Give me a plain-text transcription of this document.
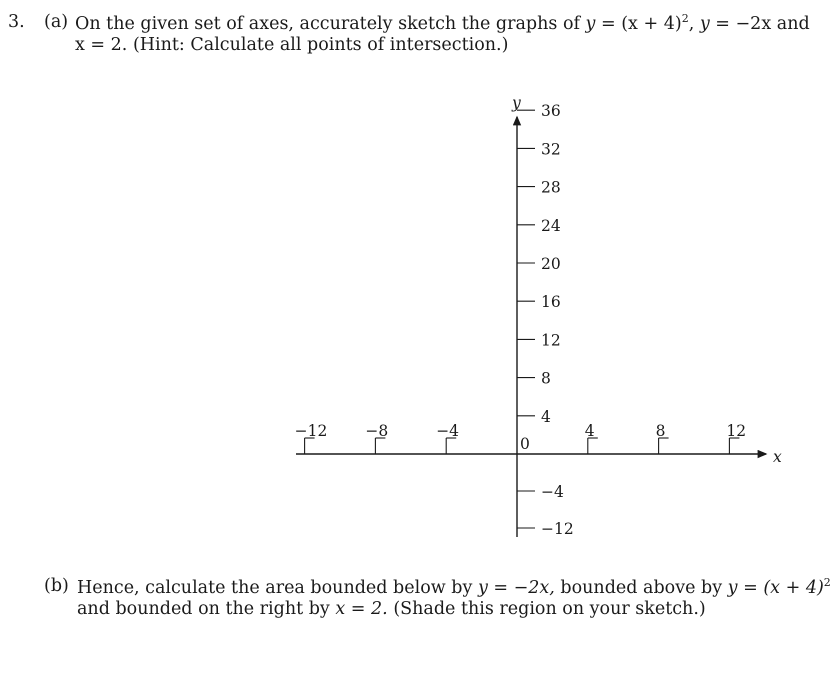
3. (a) On the given set of axes, accurately sketch the graphs of $y = (x + 4)^2$, y = −2x and
x = 2. (Hint: Calculate all points of intersection.)
x
y
0
−12 −8	−4	4	8	12
36
32
28
24
20
16
12
8
4
−4
−12
(b) Hence, calculate the area bounded below by y = −2x, bounded above by $y = (x + 4)^2$
and bounded on the right by x = 2. (Shade this region on your sketch.)
